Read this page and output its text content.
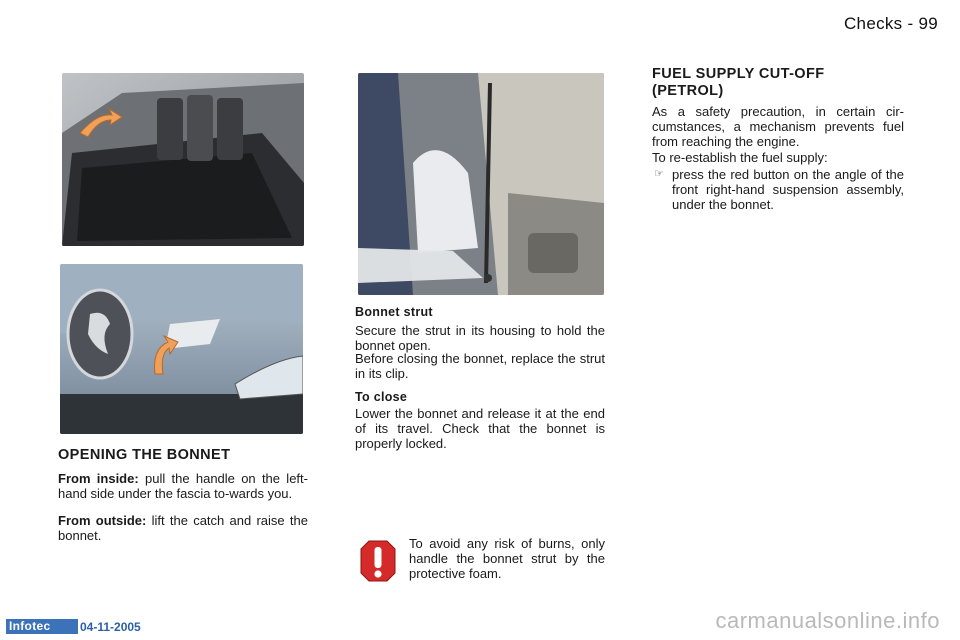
Checks - 99
OPENING THE BONNET

From inside: pull the handle on the left-hand side under the fascia to-wards you.

From outside: lift the catch and raise the bonnet.

Bonnet strut

Secure the strut in its housing to hold the bonnet open.

Before closing the bonnet, replace the strut in its clip.

To close

Lower the bonnet and release it at the end of its travel. Check that the bonnet is properly locked.

To avoid any risk of burns, only handle the bonnet strut by the protective foam.

FUEL SUPPLY CUT-OFF (PETROL)

As a safety precaution, in certain cir-cumstances, a mechanism prevents fuel from reaching the engine.

To re-establish the fuel supply:

☞ press the red button on the angle of the front right-hand suspension assembly, under the bonnet.

Infotec	04-11-2005	carmanualsonline.info
